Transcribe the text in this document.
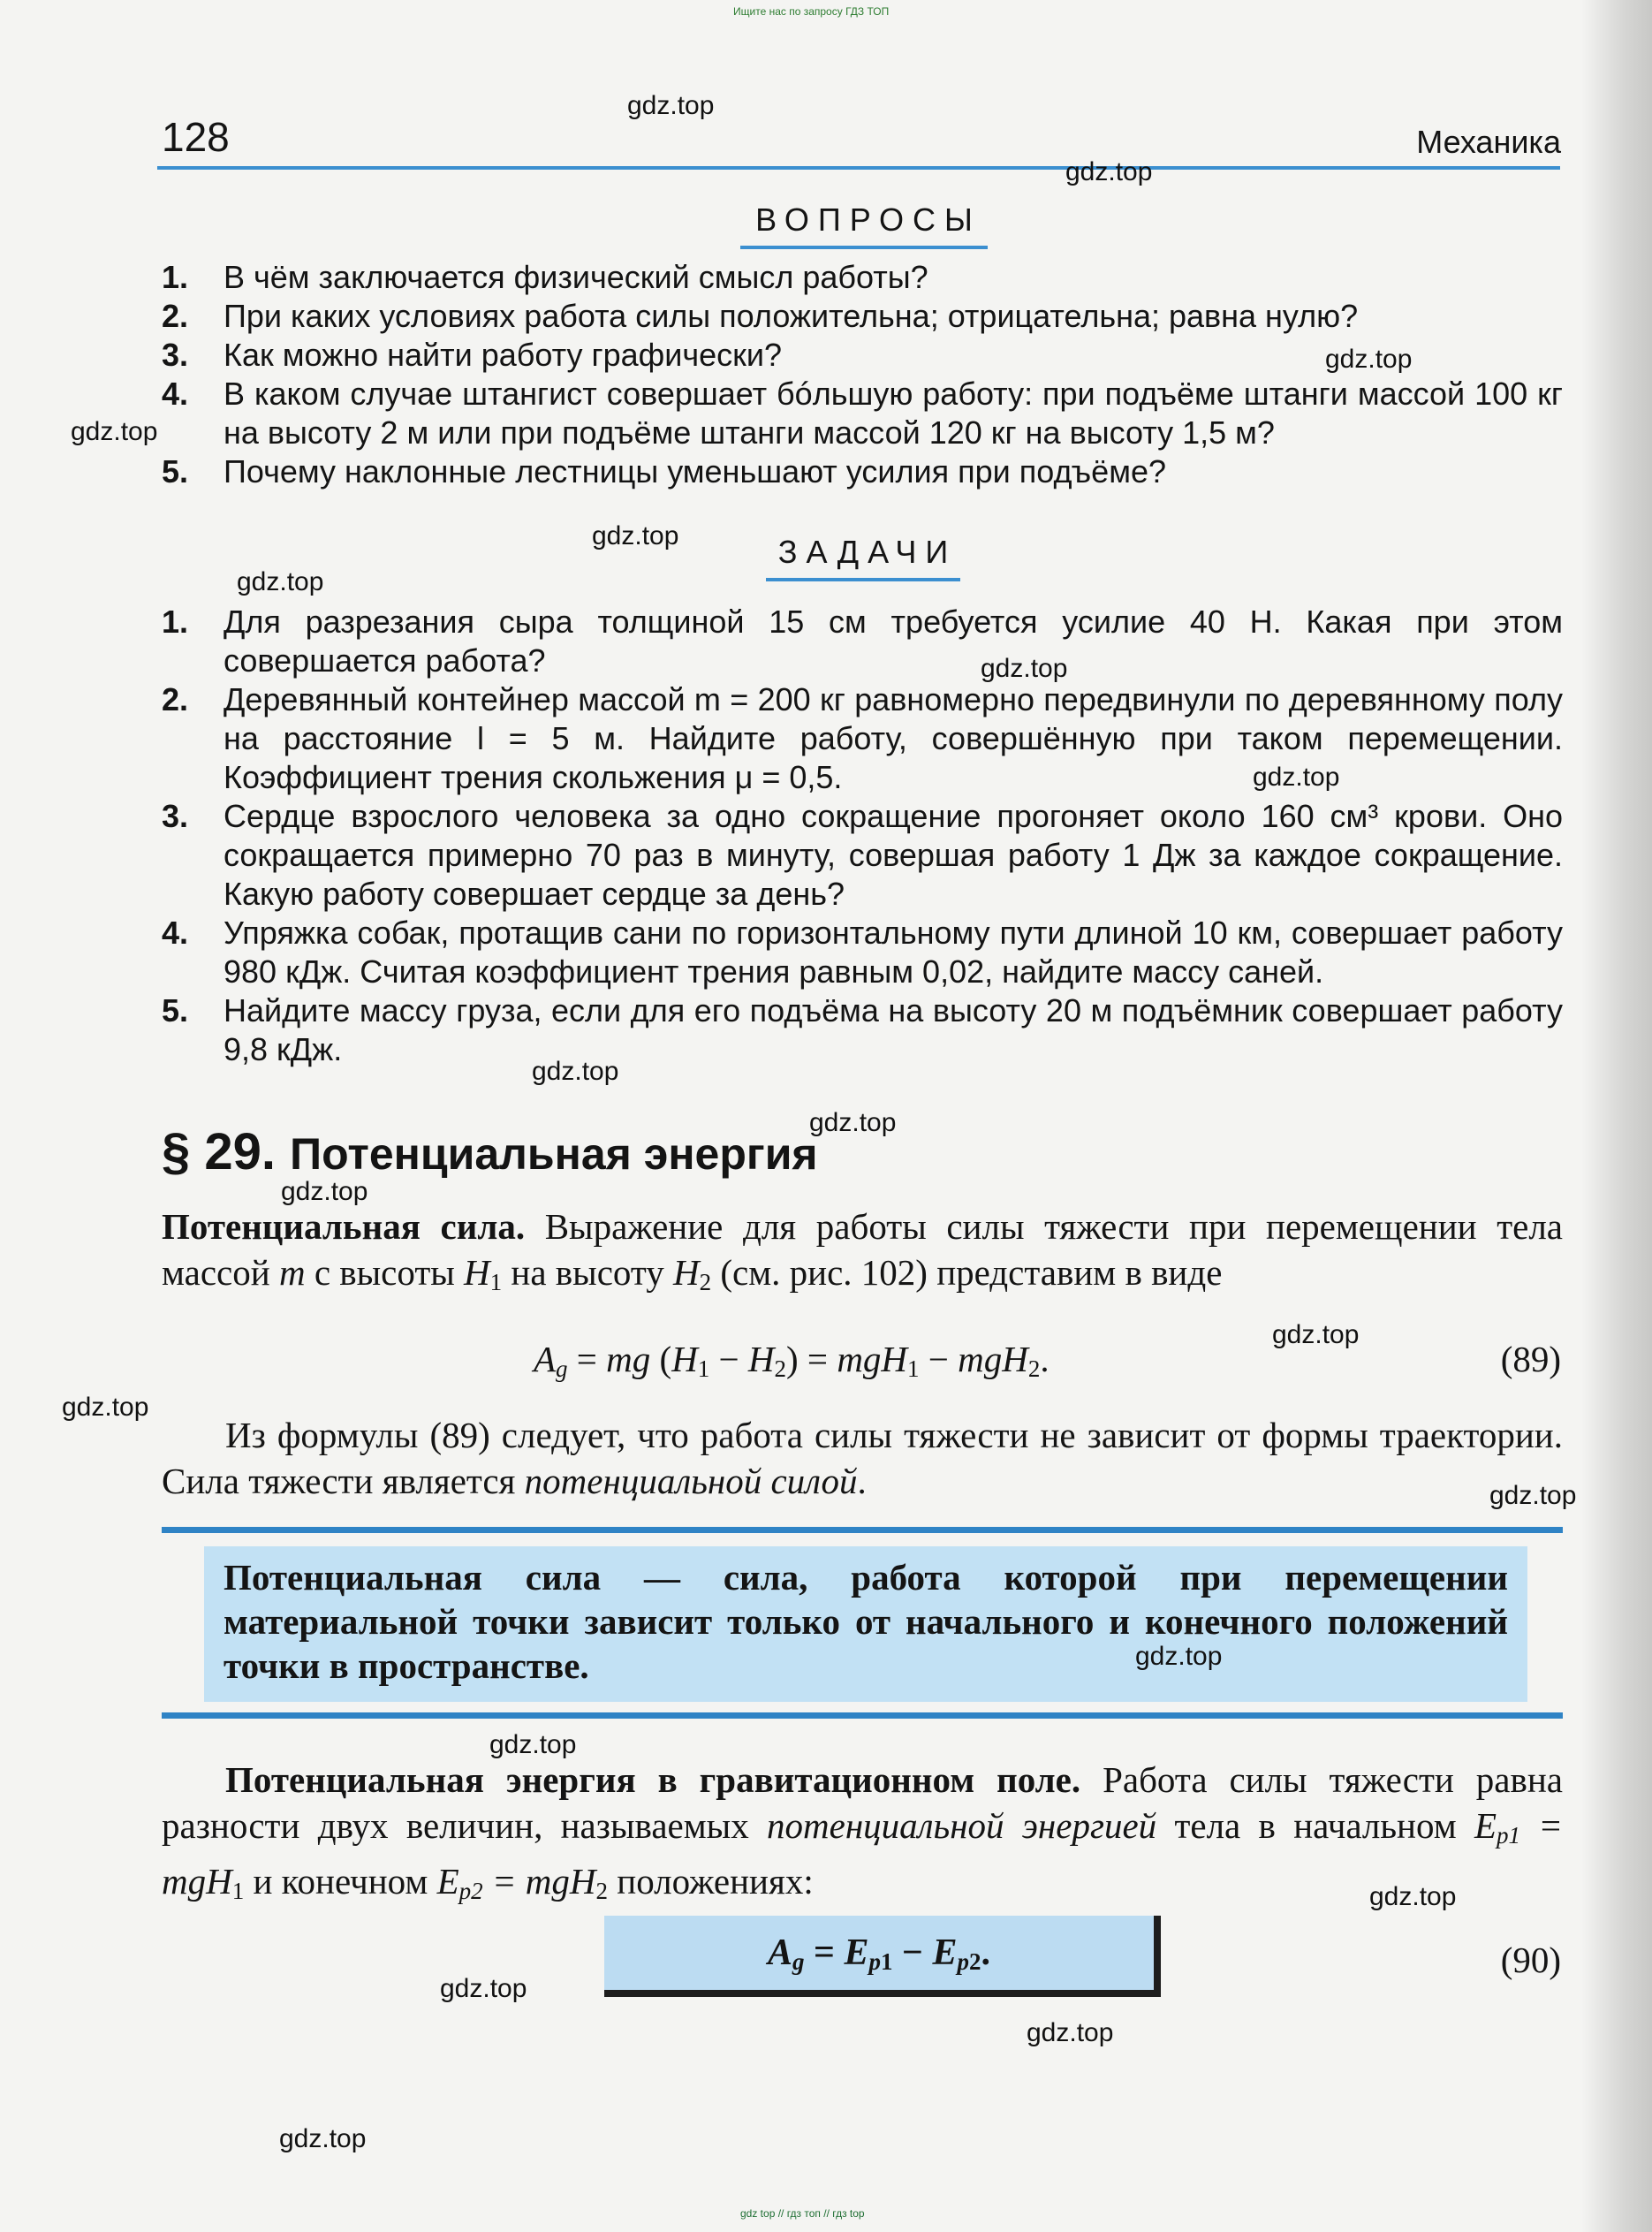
Ищите нас по запросу ГДЗ ТОП
128	Механика
ВОПРОСЫ
1. В чём заключается физический смысл работы?
2. При каких условиях работа силы положительна; отрицательна; равна нулю?
3. Как можно найти работу графически?
4. В каком случае штангист совершает бóльшую работу: при подъёме штанги массой 100 кг на высоту 2 м или при подъёме штанги массой 120 кг на высоту 1,5 м?
5. Почему наклонные лестницы уменьшают усилия при подъёме?
ЗАДАЧИ
1. Для разрезания сыра толщиной 15 см требуется усилие 40 Н. Какая при этом совершается работа?
2. Деревянный контейнер массой m = 200 кг равномерно передвинули по деревянному полу на расстояние l = 5 м. Найдите работу, совершённую при таком перемещении. Коэффициент трения скольжения μ = 0,5.
3. Сердце взрослого человека за одно сокращение прогоняет около 160 см³ крови. Оно сокращается примерно 70 раз в минуту, совершая работу 1 Дж за каждое сокращение. Какую работу совершает сердце за день?
4. Упряжка собак, протащив сани по горизонтальному пути длиной 10 км, совершает работу 980 кДж. Считая коэффициент трения равным 0,02, найдите массу саней.
5. Найдите массу груза, если для его подъёма на высоту 20 м подъёмник совершает работу 9,8 кДж.
§ 29. Потенциальная энергия

Потенциальная сила. Выражение для работы силы тяжести при перемещении тела массой m с высоты $H_1$ на высоту $H_2$ (см. рис. 102) представим в виде

$A_g$ = mg $(H_1 - H_2) = mgH_1 - mgH_2$.	(89)

Из формулы (89) следует, что работа силы тяжести не зависит от формы траектории. Сила тяжести является потенциальной силой.

Потенциальная сила — сила, работа которой при перемещении материальной точки зависит только от начального и конечного положений точки в пространстве.

Потенциальная энергия в гравитационном поле. Работа силы тяжести равна разности двух величин, называемых потенциальной энергией тела в начальном $E_{p1} = mgH_1$ и конечном $E_{p2} = mgH_2$ положениях:

$A_g = E_{p1} - E_{p2}$.	(90)
gdz.top
gdz.top
gdz.top
gdz.top
gdz.top
gdz.top
gdz.top
gdz.top
gdz.top
gdz.top
gdz.top
gdz.top
gdz.top
gdz.top
gdz.top
gdz.top
gdz.top
gdz.top
gdz.top
gdz.top
gdz top // гдз топ // гдз top
